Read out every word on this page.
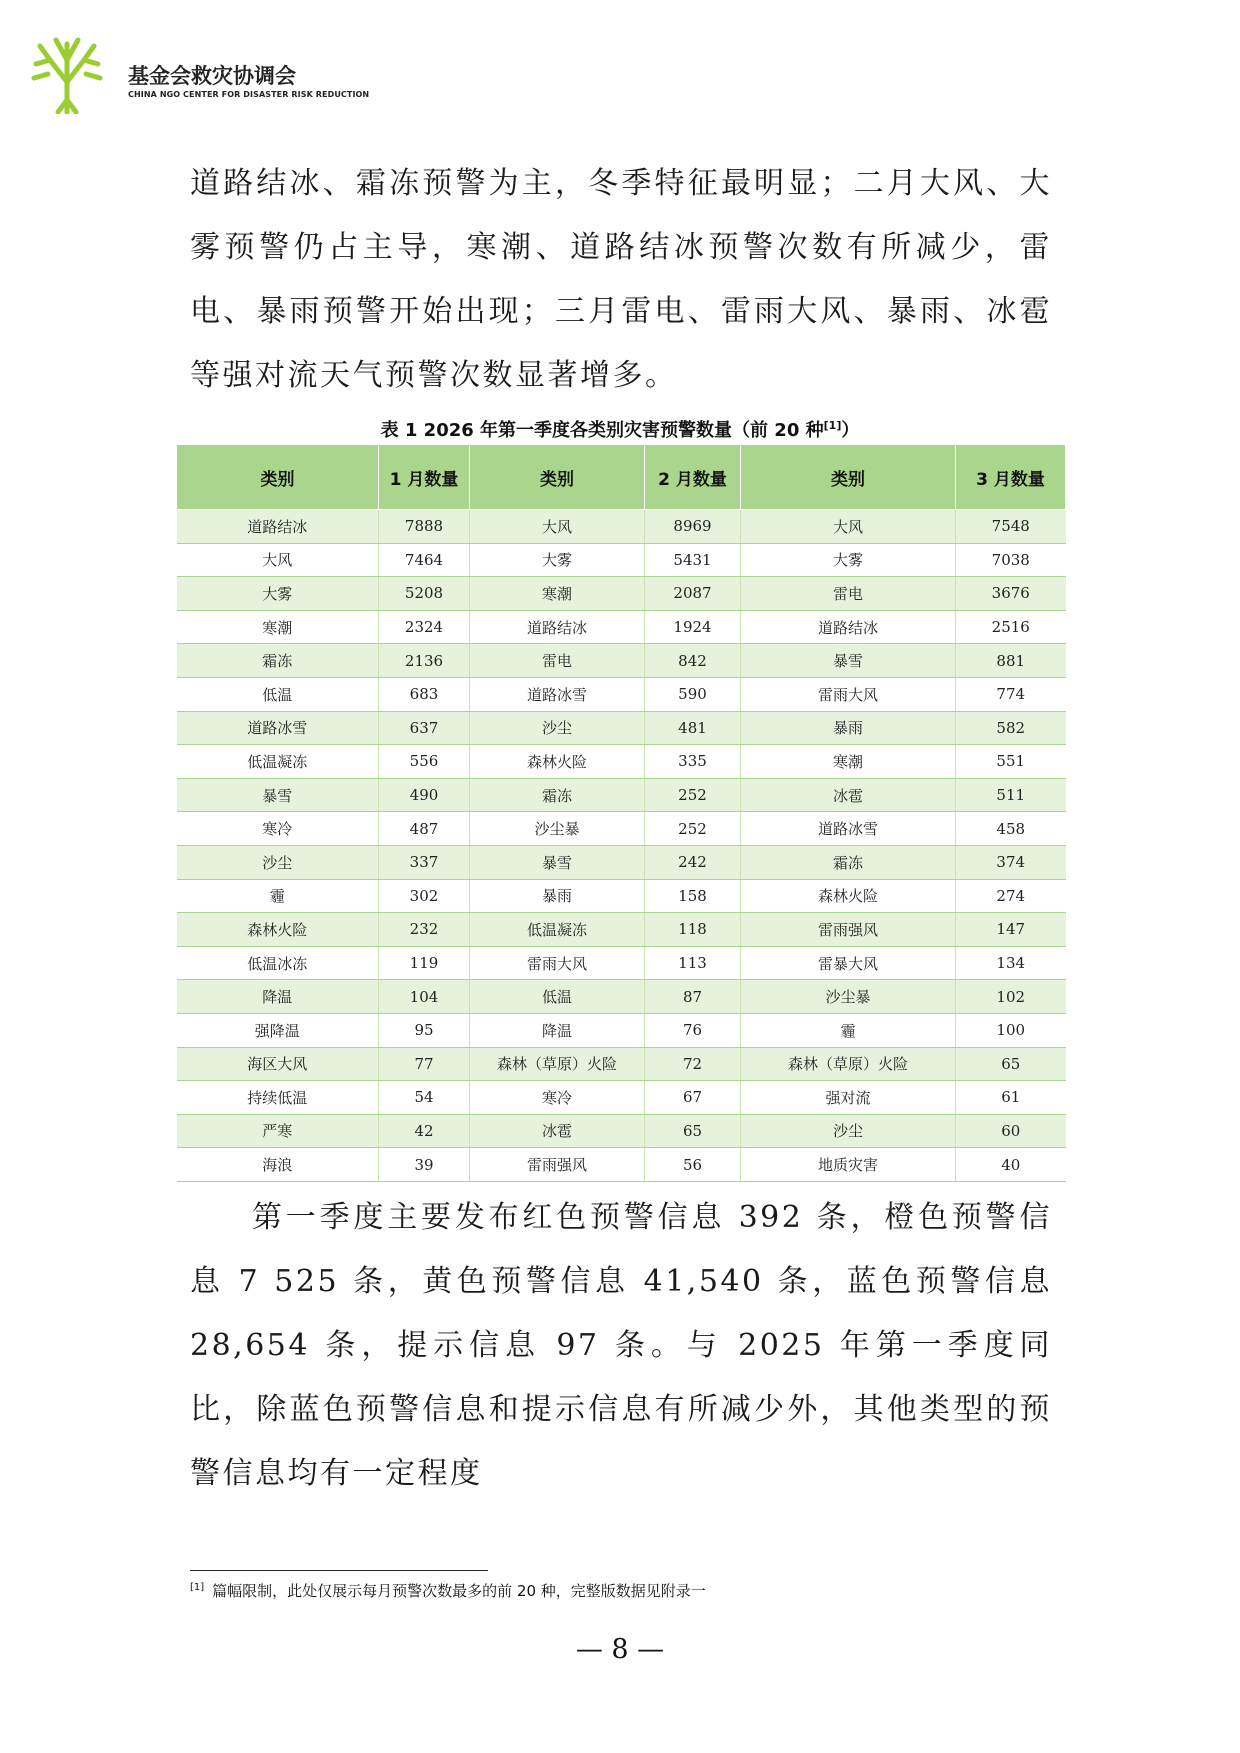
基金会救灾协调会
CHINA NGO CENTER FOR DISASTER RISK REDUCTION

道路结冰、霜冻预警为主，冬季特征最明显；二月大风、大雾预警仍占主导，寒潮、道路结冰预警次数有所减少，雷电、暴雨预警开始出现；三月雷电、雷雨大风、暴雨、冰雹等强对流天气预警次数显著增多。

表 1 2026 年第一季度各类别灾害预警数量（前 20 种[1]）
类别	1 月数量	类别	2 月数量	类别	3 月数量
道路结冰	7888	大风	8969	大风	7548
大风	7464	大雾	5431	大雾	7038
大雾	5208	寒潮	2087	雷电	3676
寒潮	2324	道路结冰	1924	道路结冰	2516
霜冻	2136	雷电	842	暴雪	881
低温	683	道路冰雪	590	雷雨大风	774
道路冰雪	637	沙尘	481	暴雨	582
低温凝冻	556	森林火险	335	寒潮	551
暴雪	490	霜冻	252	冰雹	511
寒冷	487	沙尘暴	252	道路冰雪	458
沙尘	337	暴雪	242	霜冻	374
霾	302	暴雨	158	森林火险	274
森林火险	232	低温凝冻	118	雷雨强风	147
低温冰冻	119	雷雨大风	113	雷暴大风	134
降温	104	低温	87	沙尘暴	102
强降温	95	降温	76	霾	100
海区大风	77	森林（草原）火险	72	森林（草原）火险	65
持续低温	54	寒冷	67	强对流	61
严寒	42	冰雹	65	沙尘	60
海浪	39	雷雨强风	56	地质灾害	40

第一季度主要发布红色预警信息 392 条，橙色预警信息 7 525 条，黄色预警信息 41,540 条，蓝色预警信息 28,654 条，提示信息 97 条。与 2025 年第一季度同比，除蓝色预警信息和提示信息有所减少外，其他类型的预警信息均有一定程度

[1] 篇幅限制，此处仅展示每月预警次数最多的前 20 种，完整版数据见附录一
— 8 —
